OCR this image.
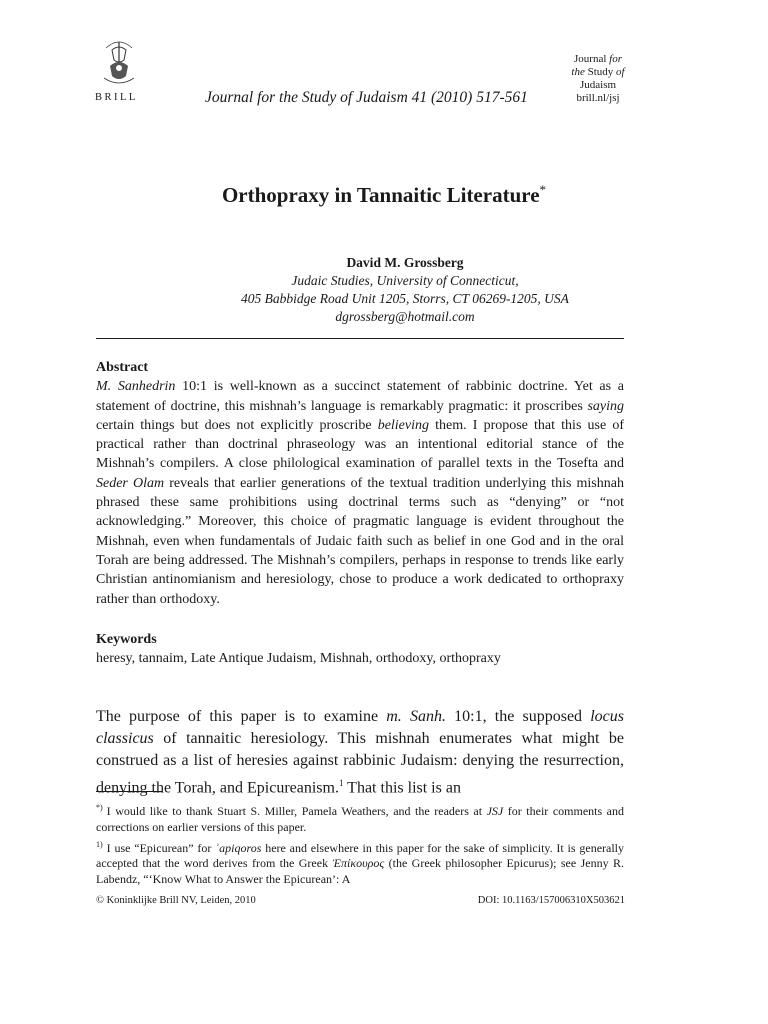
BRILL	Journal for the Study of Judaism 41 (2010) 517-561
Journal for
the Study of
Judaism
brill.nl/jsj
Orthopraxy in Tannaitic Literature*
David M. Grossberg
Judaic Studies, University of Connecticut,
405 Babbidge Road Unit 1205, Storrs, CT 06269-1205, USA
dgrossberg@hotmail.com
Abstract
M. Sanhedrin 10:1 is well-known as a succinct statement of rabbinic doctrine. Yet as a statement of doctrine, this mishnah’s language is remarkably pragmatic: it proscribes saying certain things but does not explicitly proscribe believing them. I propose that this use of practical rather than doctrinal phraseology was an intentional editorial stance of the Mishnah’s compilers. A close philological examination of parallel texts in the Tosefta and Seder Olam reveals that earlier generations of the textual tradition underlying this mishnah phrased these same prohibitions using doctrinal terms such as “denying” or “not acknowledging.” Moreover, this choice of pragmatic language is evident throughout the Mishnah, even when fundamentals of Judaic faith such as belief in one God and in the oral Torah are being addressed. The Mishnah’s compilers, perhaps in response to trends like early Christian antinomianism and heresiology, chose to produce a work dedicated to orthopraxy rather than orthodoxy.
Keywords
heresy, tannaim, Late Antique Judaism, Mishnah, orthodoxy, orthopraxy
The purpose of this paper is to examine m. Sanh. 10:1, the supposed locus classicus of tannaitic heresiology. This mishnah enumerates what might be construed as a list of heresies against rabbinic Judaism: denying the resurrection, denying the Torah, and Epicureanism.$^1$ That this list is an

*) I would like to thank Stuart S. Miller, Pamela Weathers, and the readers at JSJ for their comments and corrections on earlier versions of this paper.

$^{1)}$ I use “Epicurean” for ʾapiqoros here and elsewhere in this paper for the sake of simplicity. It is generally accepted that the word derives from the Greek Ἐπίκουρος (the Greek philosopher Epicurus); see Jenny R. Labendz, “‘Know What to Answer the Epicurean’: A

© Koninklijke Brill NV, Leiden, 2010	DOI: 10.1163/157006310X503621
